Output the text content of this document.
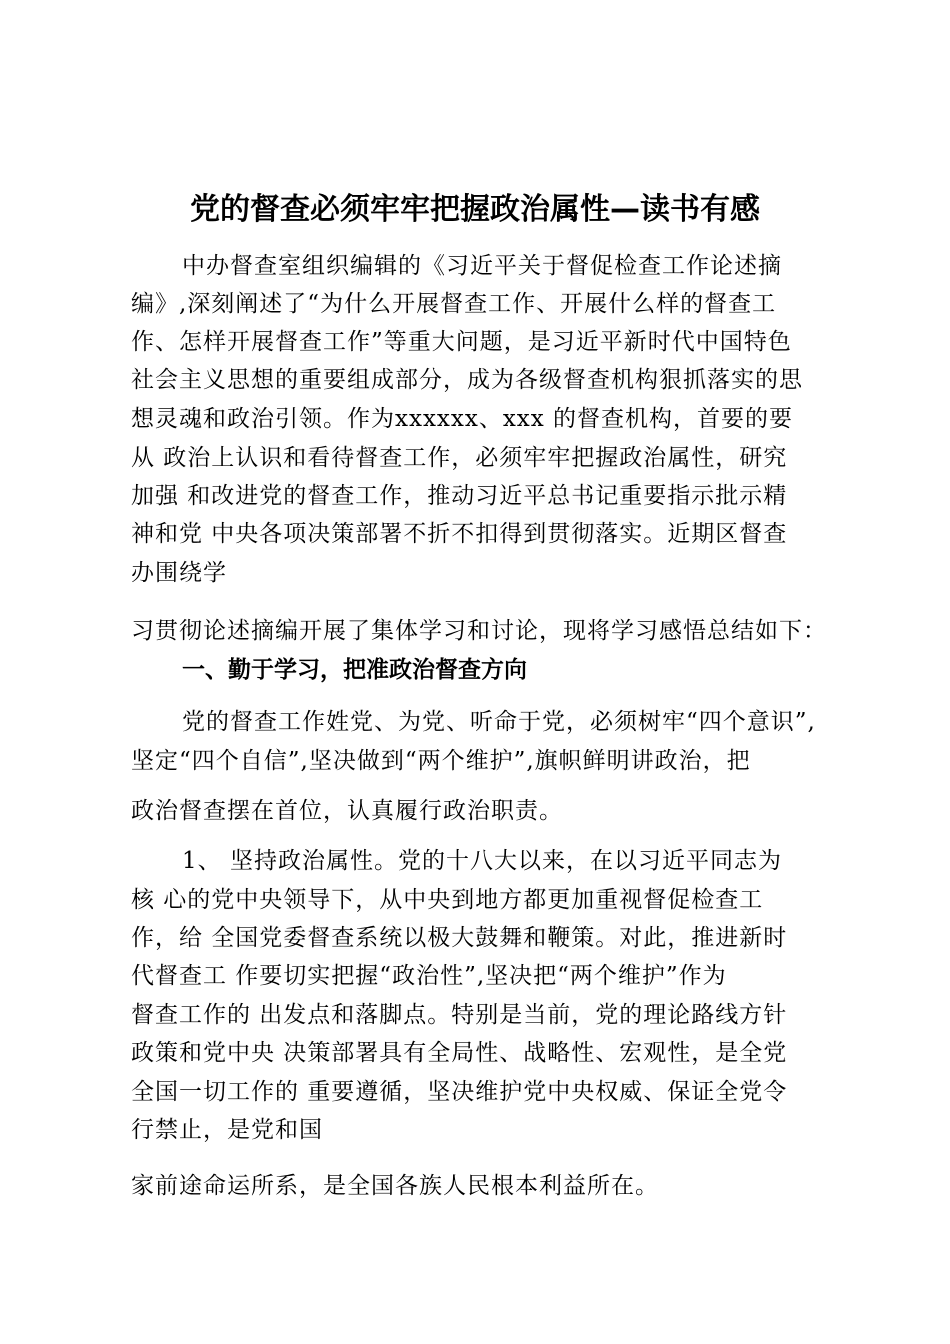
党的督查必须牢牢把握政治属性—读书有感
中办督查室组织编辑的《习近平关于督促检查工作论述摘
编》,深刻阐述了“为什么开展督查工作、开展什么样的督查工
作、怎样开展督查工作”等重大问题，是习近平新时代中国特色
社会主义思想的重要组成部分，成为各级督查机构狠抓落实的思
想灵魂和政治引领。作为xxxxxx、xxx 的督查机构，首要的要
从 政治上认识和看待督查工作，必须牢牢把握政治属性，研究
加强 和改进党的督查工作，推动习近平总书记重要指示批示精
神和党 中央各项决策部署不折不扣得到贯彻落实。近期区督查
办围绕学
习贯彻论述摘编开展了集体学习和讨论，现将学习感悟总结如下：
一、勤于学习，把准政治督查方向
党的督查工作姓党、为党、听命于党，必须树牢“四个意识”,
坚定“四个自信”,坚决做到“两个维护”,旗帜鲜明讲政治，把
政治督查摆在首位，认真履行政治职责。
1、 坚持政治属性。党的十八大以来，在以习近平同志为
核 心的党中央领导下，从中央到地方都更加重视督促检查工
作，给 全国党委督查系统以极大鼓舞和鞭策。对此，推进新时
代督查工 作要切实把握“政治性”,坚决把“两个维护”作为
督查工作的 出发点和落脚点。特别是当前，党的理论路线方针
政策和党中央 决策部署具有全局性、战略性、宏观性，是全党
全国一切工作的 重要遵循，坚决维护党中央权威、保证全党令
行禁止，是党和国
家前途命运所系，是全国各族人民根本利益所在。
